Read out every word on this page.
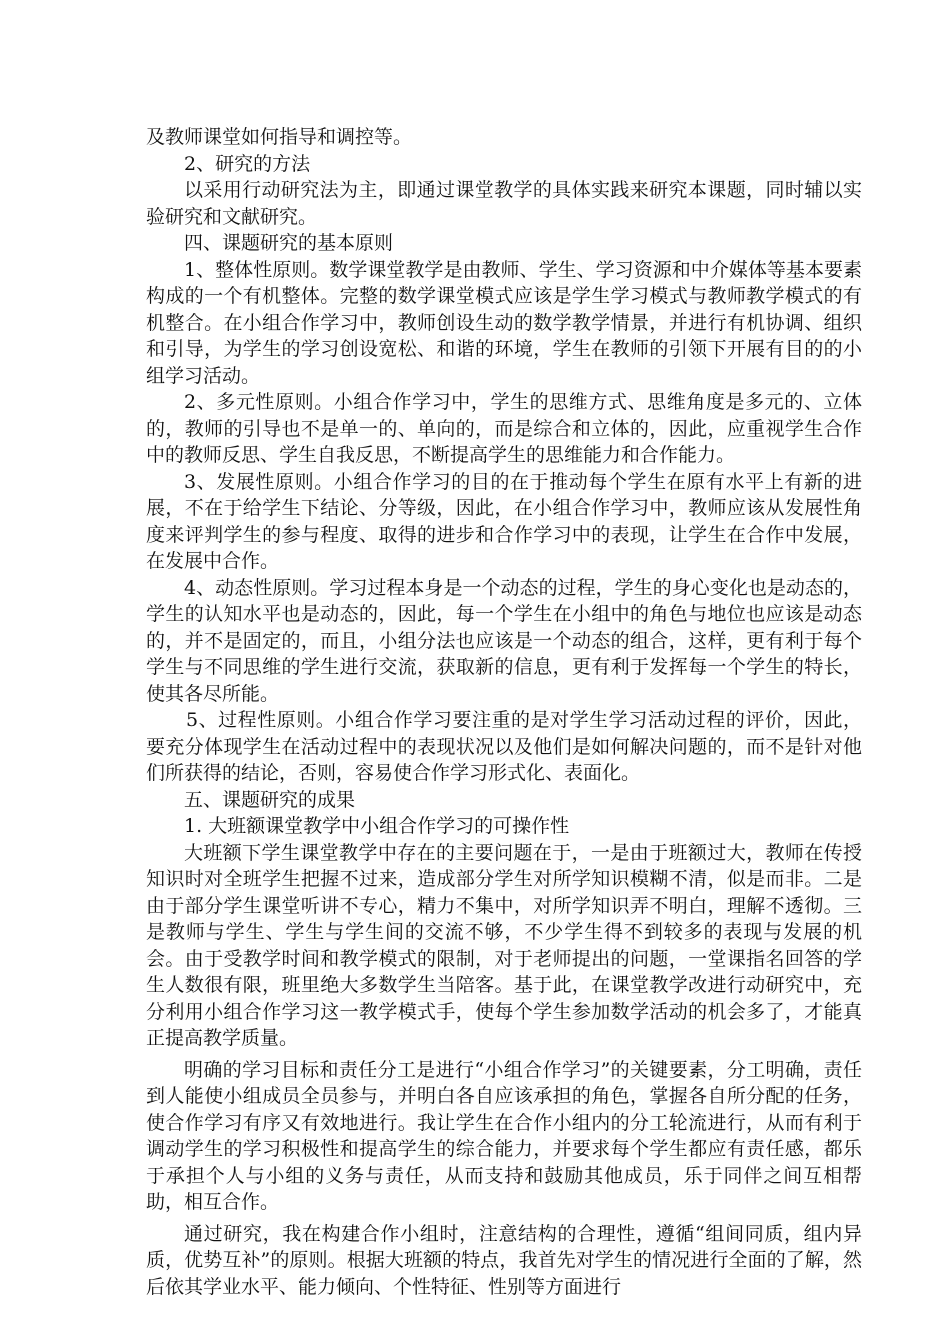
及教师课堂如何指导和调控等。

2、研究的方法

以采用行动研究法为主，即通过课堂教学的具体实践来研究本课题，同时辅以实验研究和文献研究。

四、课题研究的基本原则

1、整体性原则。数学课堂教学是由教师、学生、学习资源和中介媒体等基本要素构成的一个有机整体。完整的数学课堂模式应该是学生学习模式与教师教学模式的有机整合。在小组合作学习中，教师创设生动的数学教学情景，并进行有机协调、组织和引导，为学生的学习创设宽松、和谐的环境，学生在教师的引领下开展有目的的小组学习活动。

2、多元性原则。小组合作学习中，学生的思维方式、思维角度是多元的、立体的，教师的引导也不是单一的、单向的，而是综合和立体的，因此，应重视学生合作中的教师反思、学生自我反思，不断提高学生的思维能力和合作能力。

3、发展性原则。小组合作学习的目的在于推动每个学生在原有水平上有新的进展，不在于给学生下结论、分等级，因此，在小组合作学习中，教师应该从发展性角度来评判学生的参与程度、取得的进步和合作学习中的表现，让学生在合作中发展，在发展中合作。

4、动态性原则。学习过程本身是一个动态的过程，学生的身心变化也是动态的，学生的认知水平也是动态的，因此，每一个学生在小组中的角色与地位也应该是动态的，并不是固定的，而且，小组分法也应该是一个动态的组合，这样，更有利于每个学生与不同思维的学生进行交流，获取新的信息，更有利于发挥每一个学生的特长，使其各尽所能。

5、过程性原则。小组合作学习要注重的是对学生学习活动过程的评价，因此，要充分体现学生在活动过程中的表现状况以及他们是如何解决问题的，而不是针对他们所获得的结论，否则，容易使合作学习形式化、表面化。

五、课题研究的成果

1. 大班额课堂教学中小组合作学习的可操作性

大班额下学生课堂教学中存在的主要问题在于，一是由于班额过大，教师在传授知识时对全班学生把握不过来，造成部分学生对所学知识模糊不清，似是而非。二是由于部分学生课堂听讲不专心，精力不集中，对所学知识弄不明白，理解不透彻。三是教师与学生、学生与学生间的交流不够，不少学生得不到较多的表现与发展的机会。由于受教学时间和教学模式的限制，对于老师提出的问题，一堂课指名回答的学生人数很有限，班里绝大多数学生当陪客。基于此，在课堂教学改进行动研究中，充分利用小组合作学习这一教学模式手，使每个学生参加数学活动的机会多了，才能真正提高教学质量。

明确的学习目标和责任分工是进行“小组合作学习”的关键要素，分工明确，责任到人能使小组成员全员参与，并明白各自应该承担的角色，掌握各自所分配的任务，使合作学习有序又有效地进行。我让学生在合作小组内的分工轮流进行，从而有利于调动学生的学习积极性和提高学生的综合能力，并要求每个学生都应有责任感，都乐于承担个人与小组的义务与责任，从而支持和鼓励其他成员，乐于同伴之间互相帮助，相互合作。

通过研究，我在构建合作小组时，注意结构的合理性，遵循“组间同质，组内异质，优势互补”的原则。根据大班额的特点，我首先对学生的情况进行全面的了解，然后依其学业水平、能力倾向、个性特征、性别等方面进行
